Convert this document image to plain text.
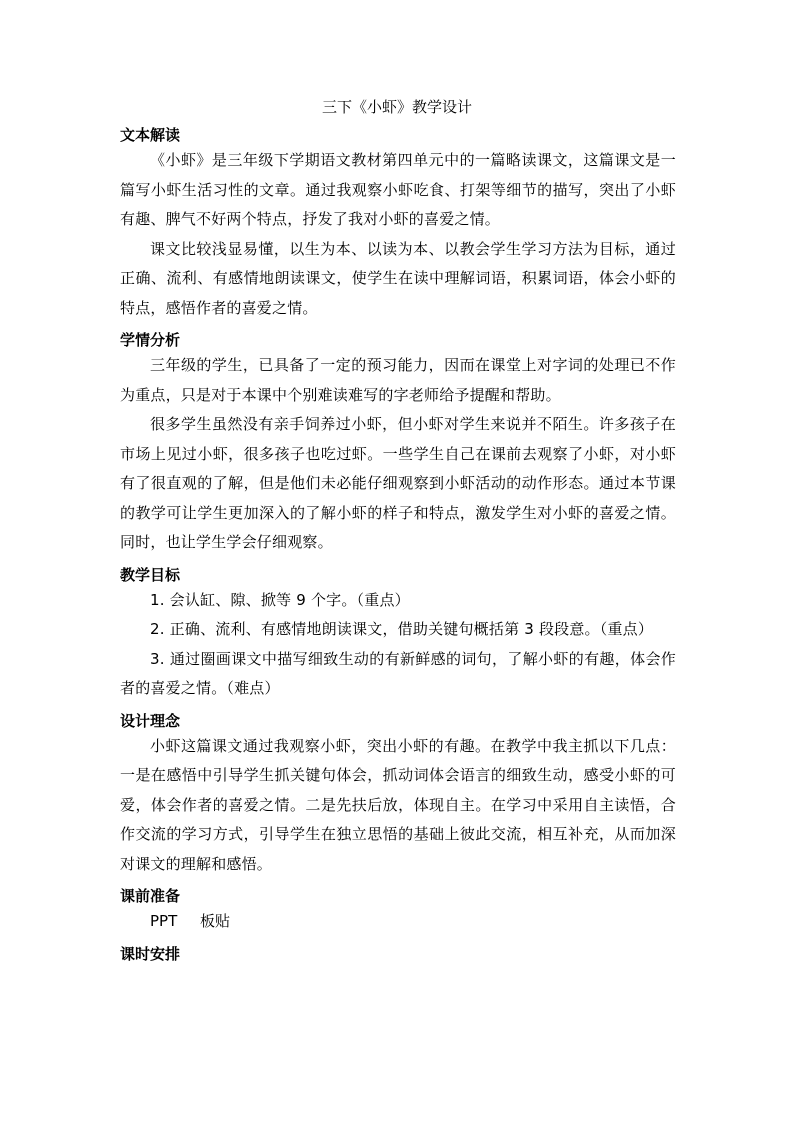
三下《小虾》教学设计
文本解读

《小虾》是三年级下学期语文教材第四单元中的一篇略读课文，这篇课文是一篇写小虾生活习性的文章。通过我观察小虾吃食、打架等细节的描写，突出了小虾有趣、脾气不好两个特点，抒发了我对小虾的喜爱之情。

课文比较浅显易懂，以生为本、以读为本、以教会学生学习方法为目标，通过正确、流利、有感情地朗读课文，使学生在读中理解词语，积累词语，体会小虾的特点，感悟作者的喜爱之情。

学情分析

三年级的学生，已具备了一定的预习能力，因而在课堂上对字词的处理已不作为重点，只是对于本课中个别难读难写的字老师给予提醒和帮助。

很多学生虽然没有亲手饲养过小虾，但小虾对学生来说并不陌生。许多孩子在市场上见过小虾，很多孩子也吃过虾。一些学生自己在课前去观察了小虾，对小虾有了很直观的了解，但是他们未必能仔细观察到小虾活动的动作形态。通过本节课的教学可让学生更加深入的了解小虾的样子和特点，激发学生对小虾的喜爱之情。同时，也让学生学会仔细观察。

教学目标

1. 会认缸、隙、掀等 9 个字。（重点）

2. 正确、流利、有感情地朗读课文，借助关键句概括第 3 段段意。（重点）

3. 通过圈画课文中描写细致生动的有新鲜感的词句，了解小虾的有趣，体会作者的喜爱之情。（难点）

设计理念

小虾这篇课文通过我观察小虾，突出小虾的有趣。在教学中我主抓以下几点：一是在感悟中引导学生抓关键句体会，抓动词体会语言的细致生动，感受小虾的可爱，体会作者的喜爱之情。二是先扶后放，体现自主。在学习中采用自主读悟，合作交流的学习方式，引导学生在独立思悟的基础上彼此交流，相互补充，从而加深对课文的理解和感悟。

课前准备
PPT 板贴
课时安排
